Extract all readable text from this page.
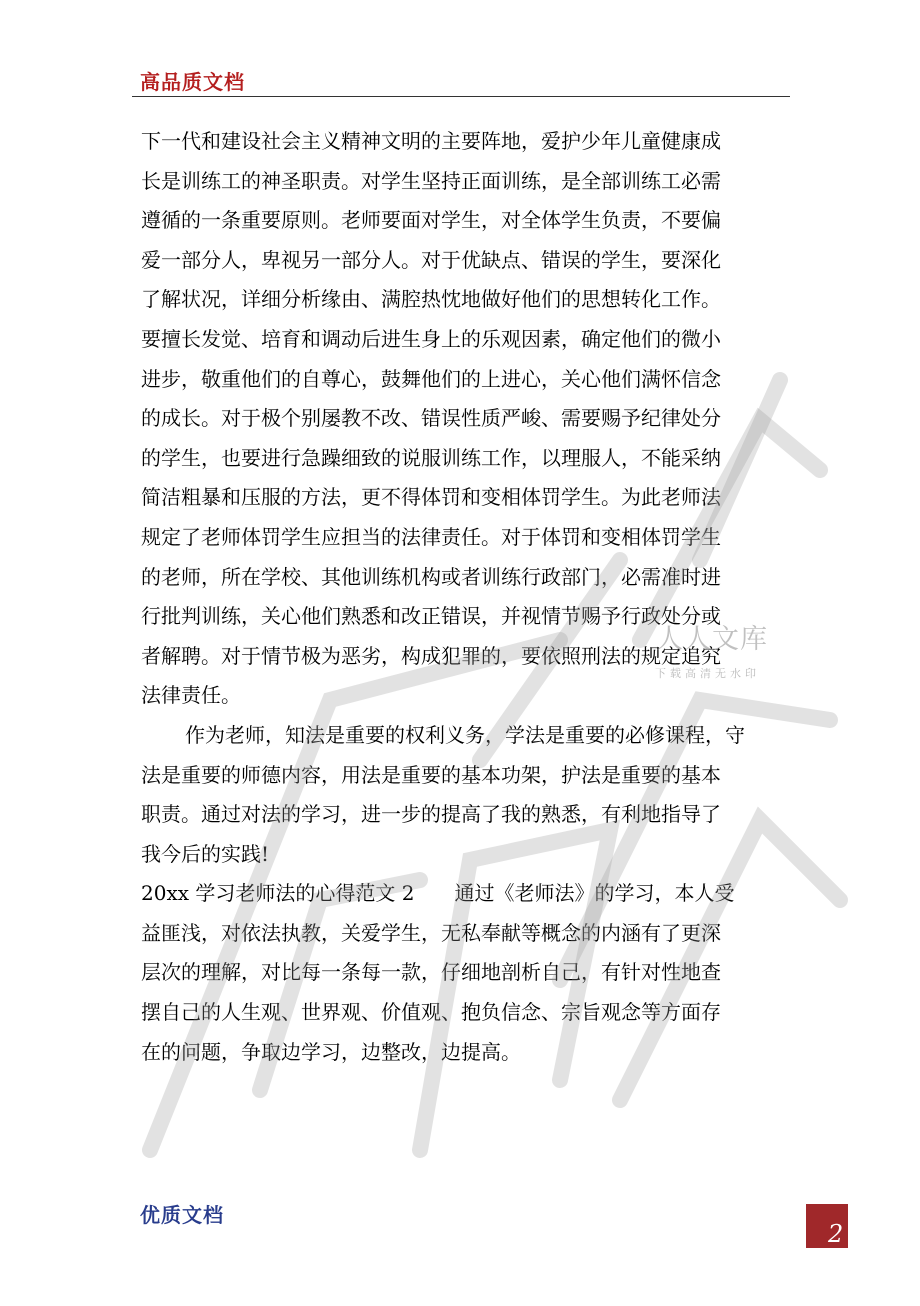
高品质文档
下一代和建设社会主义精神文明的主要阵地，爱护少年儿童健康成
长是训练工的神圣职责。对学生坚持正面训练，是全部训练工必需
遵循的一条重要原则。老师要面对学生，对全体学生负责，不要偏
爱一部分人，卑视另一部分人。对于优缺点、错误的学生，要深化
了解状况，详细分析缘由、满腔热忱地做好他们的思想转化工作。
要擅长发觉、培育和调动后进生身上的乐观因素，确定他们的微小
进步，敬重他们的自尊心，鼓舞他们的上进心，关心他们满怀信念
的成长。对于极个别屡教不改、错误性质严峻、需要赐予纪律处分
的学生，也要进行急躁细致的说服训练工作，以理服人，不能采纳
简洁粗暴和压服的方法，更不得体罚和变相体罚学生。为此老师法
规定了老师体罚学生应担当的法律责任。对于体罚和变相体罚学生
的老师，所在学校、其他训练机构或者训练行政部门，必需准时进
行批判训练，关心他们熟悉和改正错误，并视情节赐予行政处分或
者解聘。对于情节极为恶劣，构成犯罪的，要依照刑法的规定追究
法律责任。
作为老师，知法是重要的权利义务，学法是重要的必修课程，守
法是重要的师德内容，用法是重要的基本功架，护法是重要的基本
职责。通过对法的学习，进一步的提高了我的熟悉，有利地指导了
我今后的实践!
20xx 学习老师法的心得范文 2 通过《老师法》的学习，本人受
益匪浅，对依法执教，关爱学生，无私奉献等概念的内涵有了更深
层次的理解，对比每一条每一款，仔细地剖析自己，有针对性地查
摆自己的人生观、世界观、价值观、抱负信念、宗旨观念等方面存
在的问题，争取边学习，边整改，边提高。
人人文库
下载高清无水印
优质文档
2
